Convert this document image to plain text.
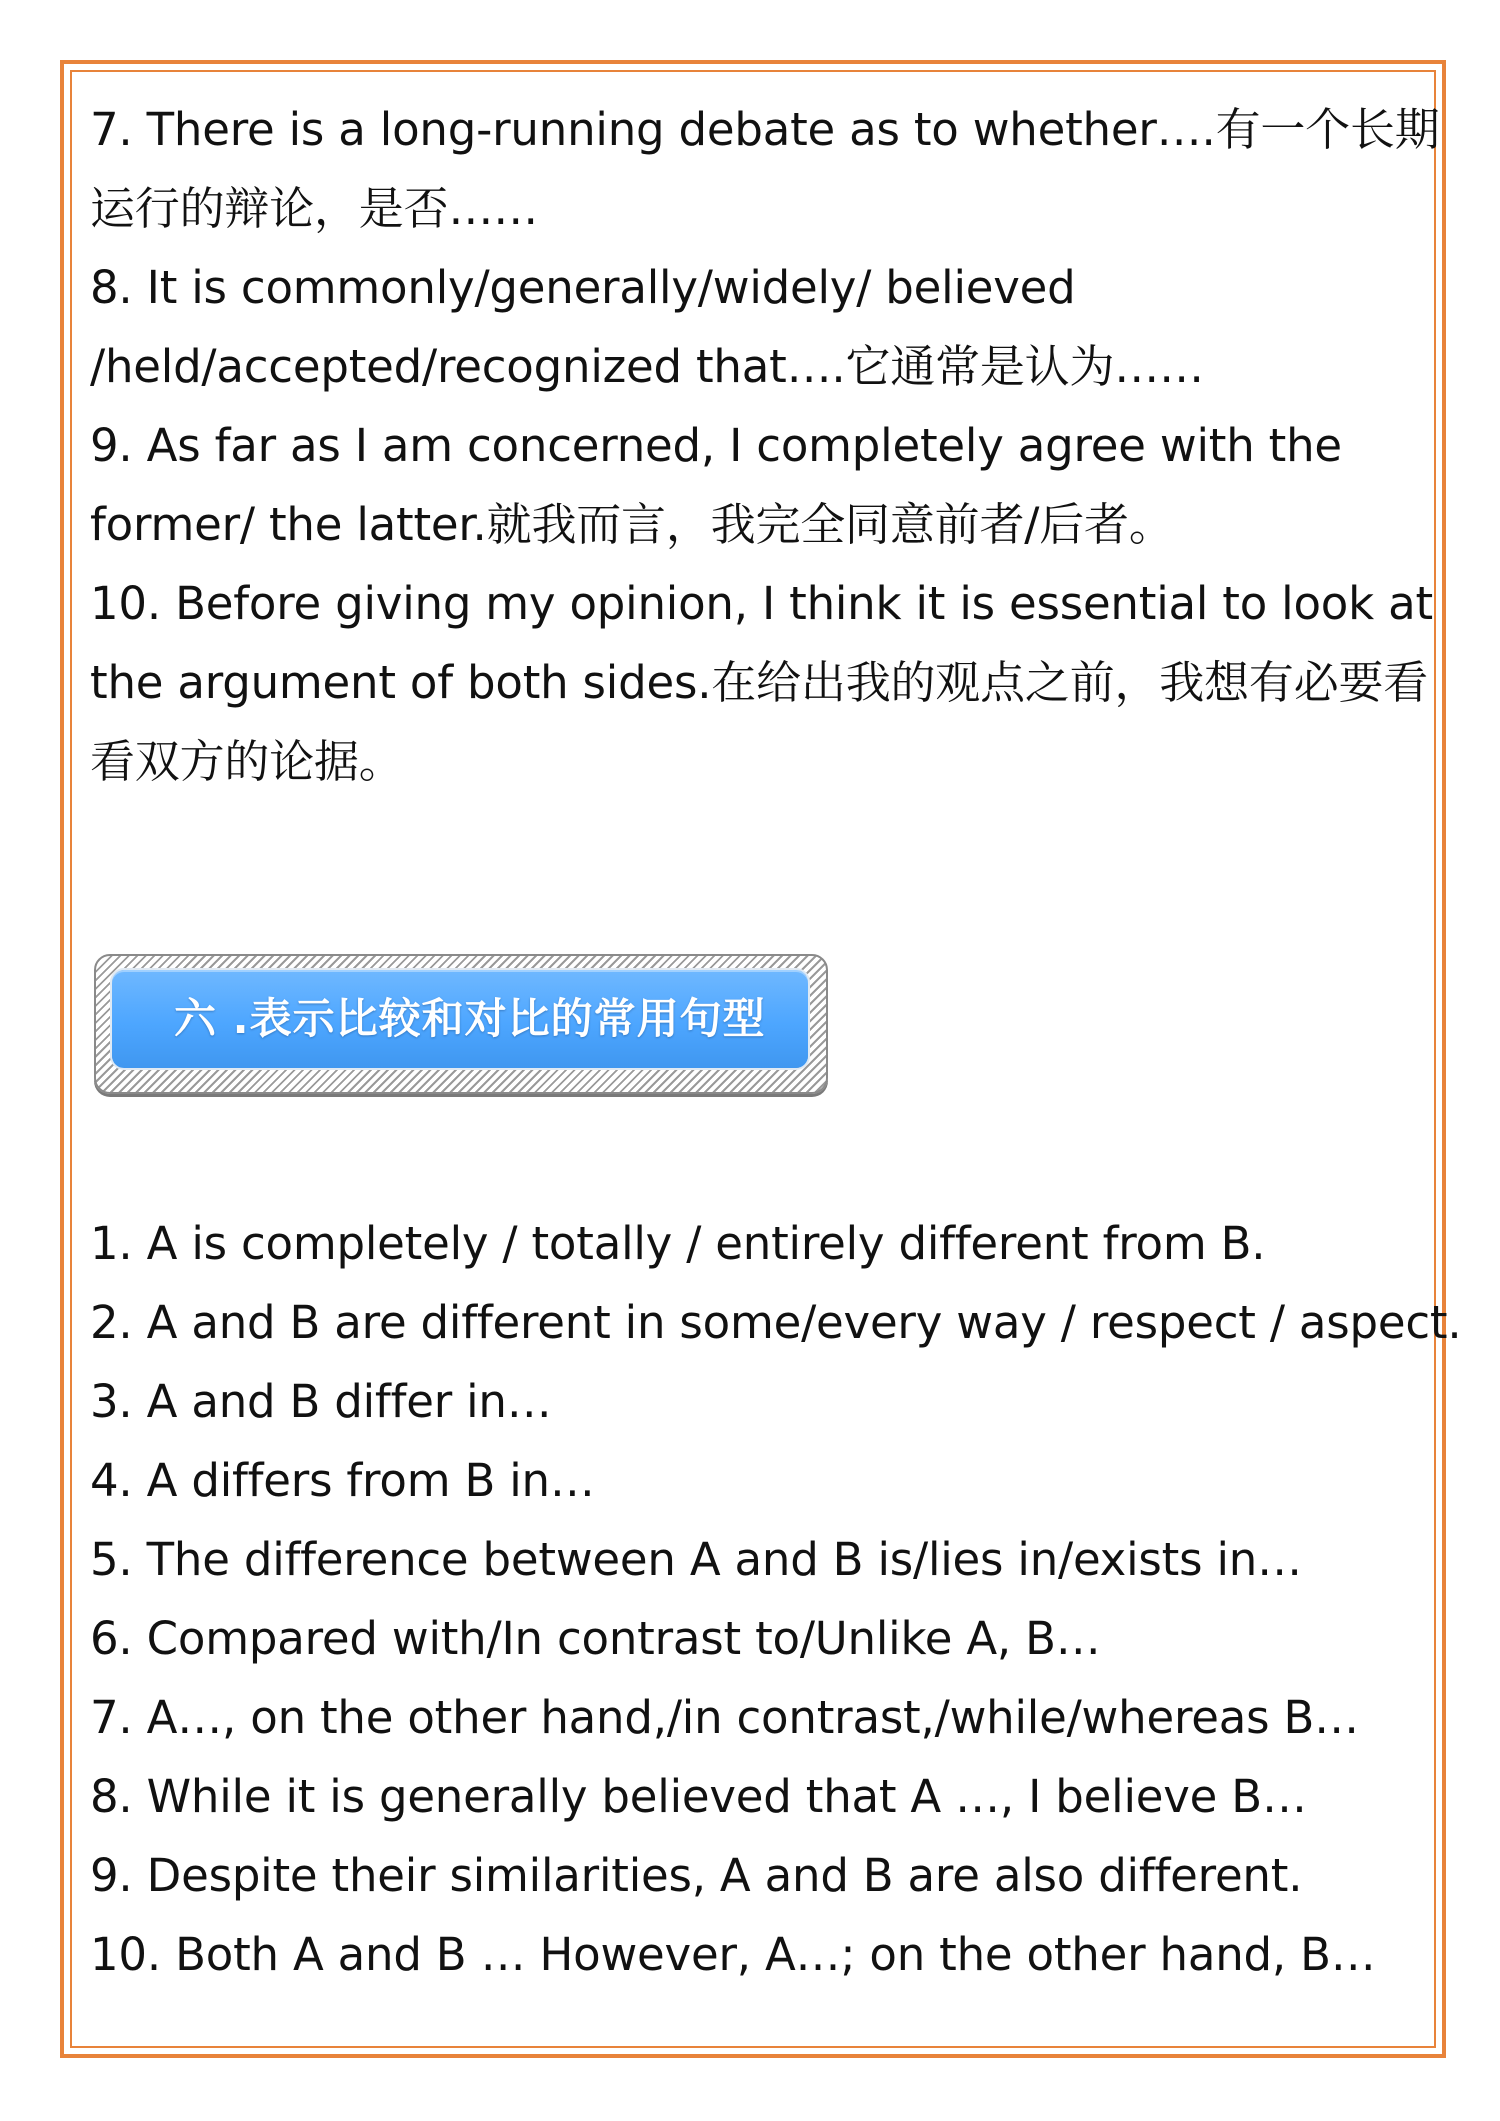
7. There is a long-running debate as to whether….有一个长期
运行的辩论，是否……
8. It is commonly/generally/widely/ believed
/held/accepted/recognized that….它通常是认为……
9. As far as I am concerned, I completely agree with the
former/ the latter.就我而言，我完全同意前者/后者。
10. Before giving my opinion, I think it is essential to look at
the argument of both sides.在给出我的观点之前，我想有必要看
看双方的论据。
六 .表示比较和对比的常用句型
1. A is completely / totally / entirely different from B.
2. A and B are different in some/every way / respect / aspect.
3. A and B differ in…
4. A differs from B in…
5. The difference between A and B is/lies in/exists in…
6. Compared with/In contrast to/Unlike A, B…
7. A…, on the other hand,/in contrast,/while/whereas B…
8. While it is generally believed that A …, I believe B…
9. Despite their similarities, A and B are also different.
10. Both A and B … However, A…; on the other hand, B…
